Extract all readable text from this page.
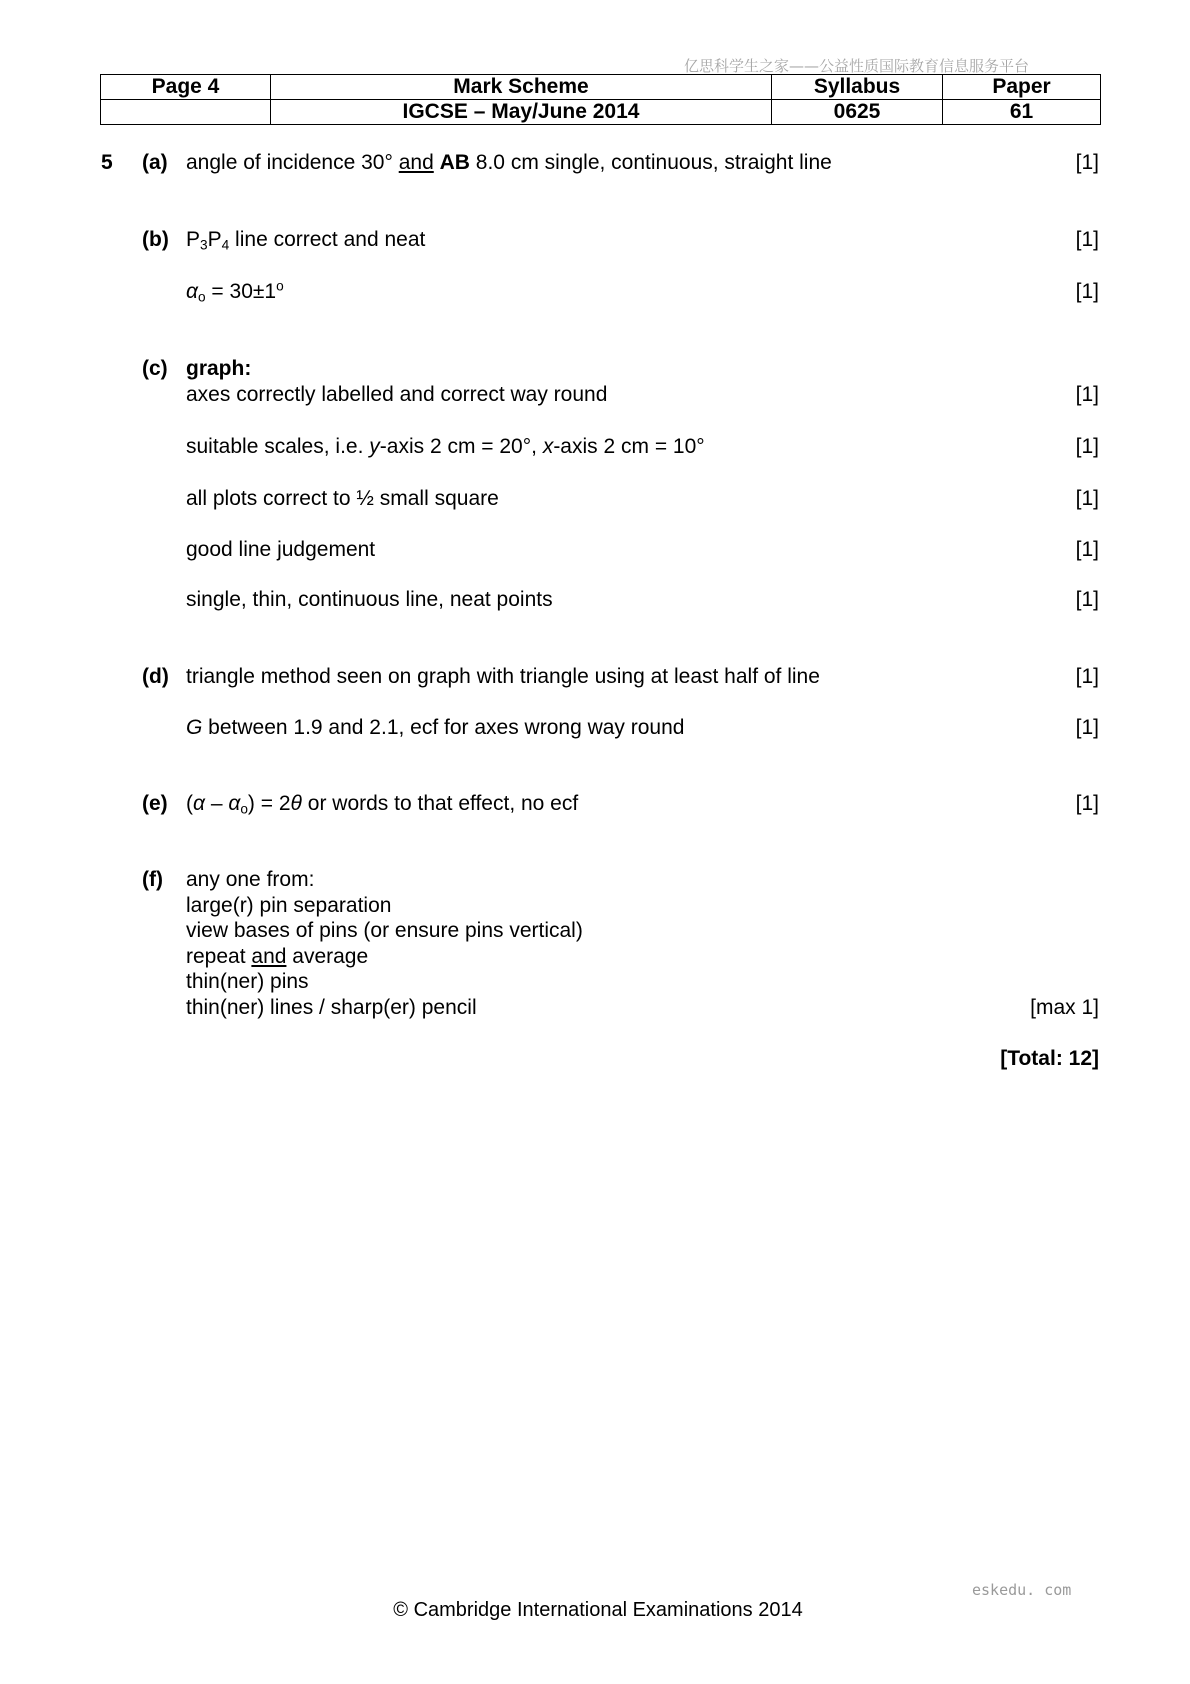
亿思科学生之家——公益性质国际教育信息服务平台
Page 4	Mark Scheme	Syllabus	Paper
	IGCSE – May/June 2014	0625	61
5 (a) angle of incidence 30° and AB 8.0 cm single, continuous, straight line	[1]
(b) $P_3P_4$ line correct and neat	[1]
$\alpha_o = 30\pm 1^o$	[1]
(c) graph:
axes correctly labelled and correct way round	[1]
suitable scales, i.e. y-axis 2 cm = 20°, x-axis 2 cm = 10°	[1]
all plots correct to ½ small square	[1]
good line judgement	[1]
single, thin, continuous line, neat points	[1]
(d) triangle method seen on graph with triangle using at least half of line	[1]
G between 1.9 and 2.1, ecf for axes wrong way round	[1]
(e) $(\alpha - \alpha_o) = 2\theta$ or words to that effect, no ecf	[1]
(f) any one from:
large(r) pin separation
view bases of pins (or ensure pins vertical)
repeat and average
thin(ner) pins
thin(ner) lines / sharp(er) pencil	[max 1]
[Total: 12]
eskedu. com
© Cambridge International Examinations 2014
